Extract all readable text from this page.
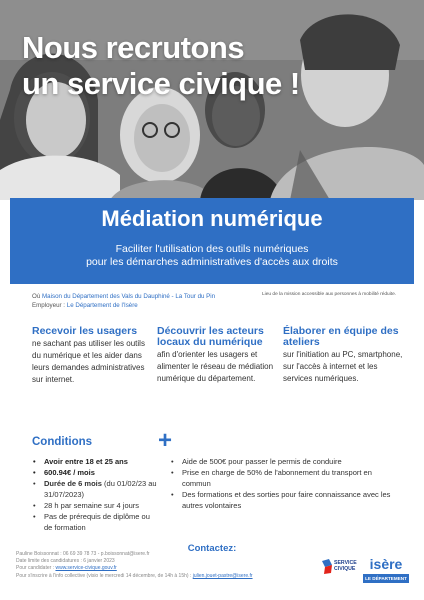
Nous recrutons
un service civique !
Médiation numérique
Faciliter l'utilisation des outils numériques
pour les démarches administratives d'accès aux droits
Où Maison du Département des Vals du Dauphiné - La Tour du Pin
Employeur : Le Département de l'Isère
Lieu de la mission accessible aux personnes à mobilité réduite.
Recevoir les usagers

ne sachant pas utiliser les outils du numérique et les aider dans leurs demandes administratives sur internet.

Découvrir les acteurs locaux du numérique

afin d'orienter les usagers et alimenter le réseau de médiation numérique du département.

Élaborer en équipe des ateliers

sur l'initiation au PC, smartphone, sur l'accès à internet et les services numériques.

Conditions
• Avoir entre 18 et 25 ans
• 600.94€ / mois
• Durée de 6 mois (du 01/02/23 au 31/07/2023)
• 28 h par semaine sur 4 jours
• Pas de prérequis de diplôme ou de formation
+
• Aide de 500€ pour passer le permis de conduire
• Prise en charge de 50% de l'abonnement du transport en commun
• Des formations et des sorties pour faire connaissance avec les autres volontaires
Contactez:
Pauline Boissonnat : 06 69 39 78 73 - p.boissonnat@isere.fr
Date limite des candidatures : 6 janvier 2023
Pour candidater : www.service-civique.gouv.fr
Pour s'inscrire à l'info collective (visio le mercredi 14 décembre, de 14h à 15h) : julien.jouet-pastre@isere.fr
SERVICE
CIVIQUE	isère
LE DÉPARTEMENT
